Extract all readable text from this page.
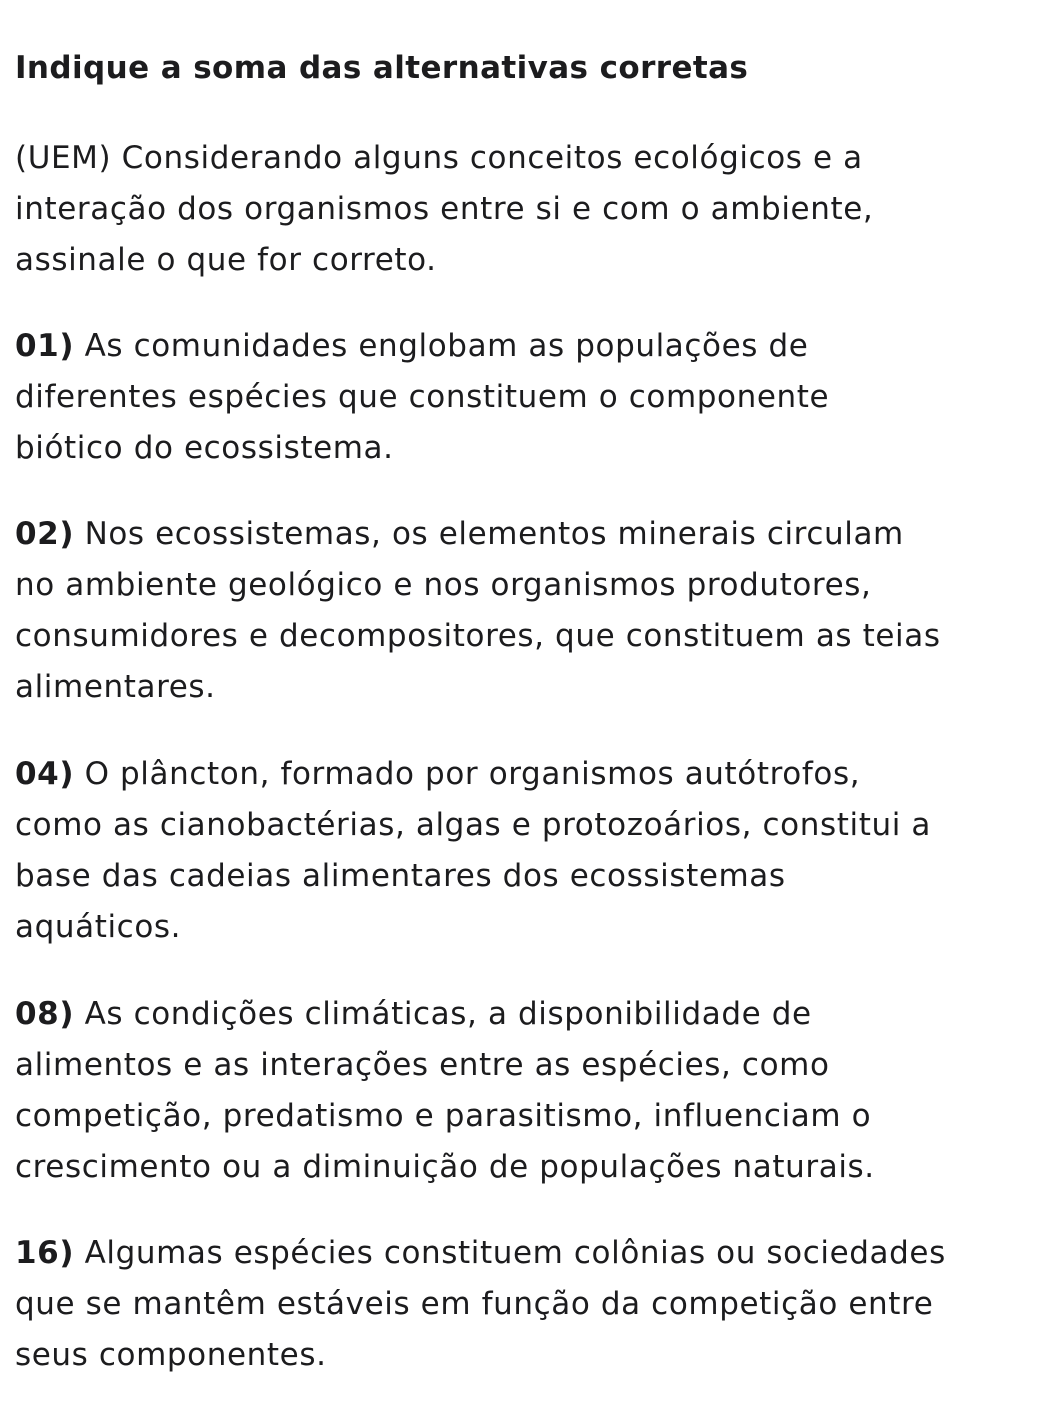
Indique a soma das alternativas corretas
(UEM) Considerando alguns conceitos ecológicos e a
interação dos organismos entre si e com o ambiente,
assinale o que for correto.
01) As comunidades englobam as populações de
diferentes espécies que constituem o componente
biótico do ecossistema.
02) Nos ecossistemas, os elementos minerais circulam
no ambiente geológico e nos organismos produtores,
consumidores e decompositores, que constituem as teias
alimentares.
04) O plâncton, formado por organismos autótrofos,
como as cianobactérias, algas e protozoários, constitui a
base das cadeias alimentares dos ecossistemas
aquáticos.
08) As condições climáticas, a disponibilidade de
alimentos e as interações entre as espécies, como
competição, predatismo e parasitismo, influenciam o
crescimento ou a diminuição de populações naturais.
16) Algumas espécies constituem colônias ou sociedades
que se mantêm estáveis em função da competição entre
seus componentes.
